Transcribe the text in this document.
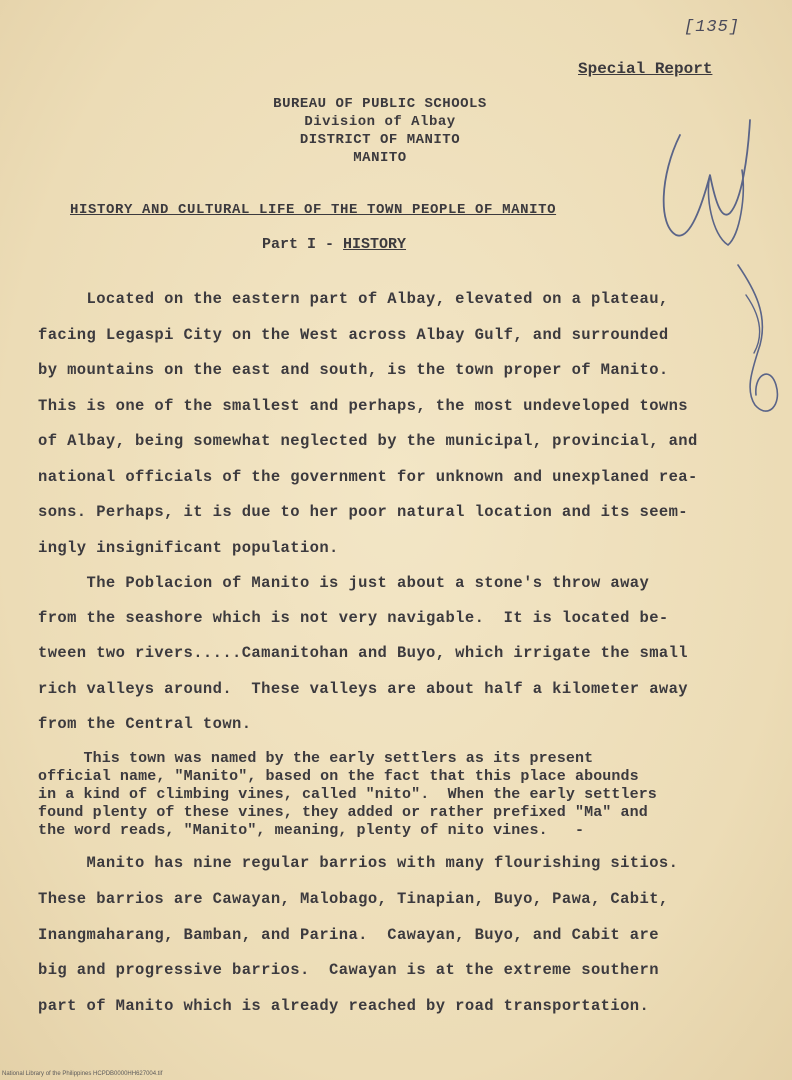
[135]
Special Report
BUREAU OF PUBLIC SCHOOLS
Division of Albay
DISTRICT OF MANITO
MANITO
HISTORY AND CULTURAL LIFE OF THE TOWN PEOPLE OF MANITO
Part I - HISTORY
Located on the eastern part of Albay, elevated on a plateau,
facing Legaspi City on the West across Albay Gulf, and surrounded
by mountains on the east and south, is the town proper of Manito.
This is one of the smallest and perhaps, the most undeveloped towns
of Albay, being somewhat neglected by the municipal, provincial, and
national officials of the government for unknown and unexplaned rea-
sons. Perhaps, it is due to her poor natural location and its seem-
ingly insignificant population.
The Poblacion of Manito is just about a stone's throw away
from the seashore which is not very navigable.  It is located be-
tween two rivers.....Camanitohan and Buyo, which irrigate the small
rich valleys around.  These valleys are about half a kilometer away
from the Central town.
This town was named by the early settlers as its present
official name, "Manito", based on the fact that this place abounds
in a kind of climbing vines, called "nito".  When the early settlers
found plenty of these vines, they added or rather prefixed "Ma" and
the word reads, "Manito", meaning, plenty of nito vines.   -
Manito has nine regular barrios with many flourishing sitios.
These barrios are Cawayan, Malobago, Tinapian, Buyo, Pawa, Cabit,
Inangmaharang, Bamban, and Parina.  Cawayan, Buyo, and Cabit are
big and progressive barrios.  Cawayan is at the extreme southern
part of Manito which is already reached by road transportation.
National Library of the Philippines HCPDB0000HH627004.tif
